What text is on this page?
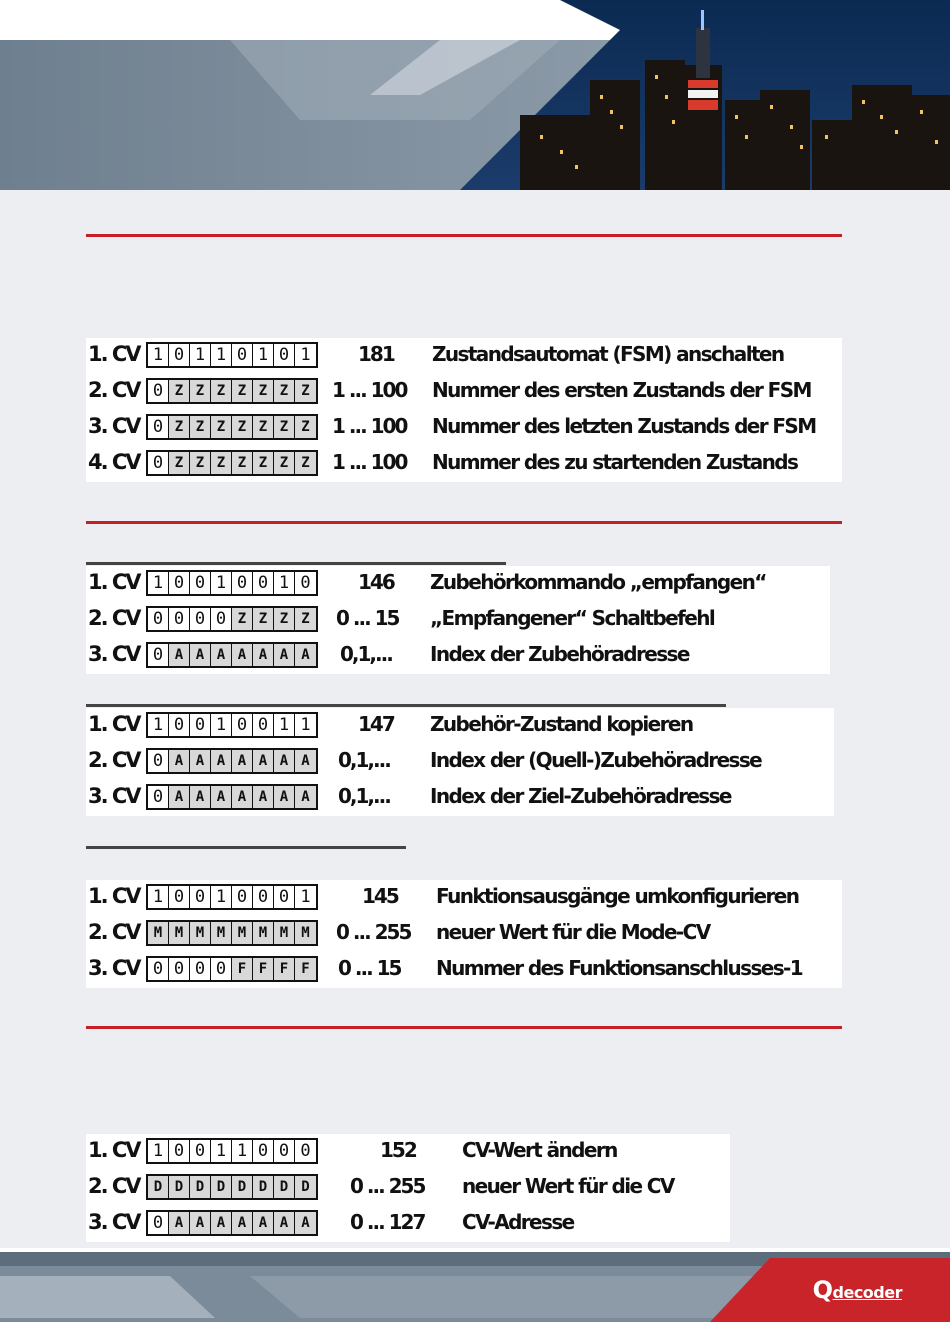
1. CV 1 0 1 1 0 1 0 1 181 Zustandsautomat (FSM) anschalten
2. CV 0 Z Z Z Z Z Z Z	1 ... 100 Nummer des ersten Zustands der FSM
3. CV 0 Z Z Z Z Z Z Z	1 ... 100 Nummer des letzten Zustands der FSM
4. CV 0 Z Z Z Z Z Z Z	1 ... 100 Nummer des zu startenden Zustands
1. CV 1 0 0 1 0 0 1 0 146 Zubehörkommando „empfangen“
2. CV 0 0 0 0 Z Z Z Z	0 ... 15 „Empfangener“ Schaltbefehl
3. CV 0 A A A A A A A	0,1,... Index der Zubehöradresse
1. CV 1 0 0 1 0 0 1 1 147 Zubehör-Zustand kopieren
2. CV 0 A A A A A A A	0,1,... Index der (Quell-)Zubehöradresse
3. CV 0 A A A A A A A	0,1,... Index der Ziel-Zubehöradresse
1. CV 1 0 0 1 0 0 0 1	145 Funktionsausgänge umkonfigurieren
2. CV	M M M M M M M M	0 ... 255 neuer Wert für die Mode-CV
3. CV 0 0 0 0 F F F F	0 ... 15 Nummer des Funktionsanschlusses-1
1. CV 1 0 0 1 1 0 0 0	152 CV-Wert ändern
2. CV	D D D D D D D D	0 ... 255 neuer Wert für die CV
3. CV 0 A A A A A A A	0 ... 127 CV-Adresse
Qdecoder
